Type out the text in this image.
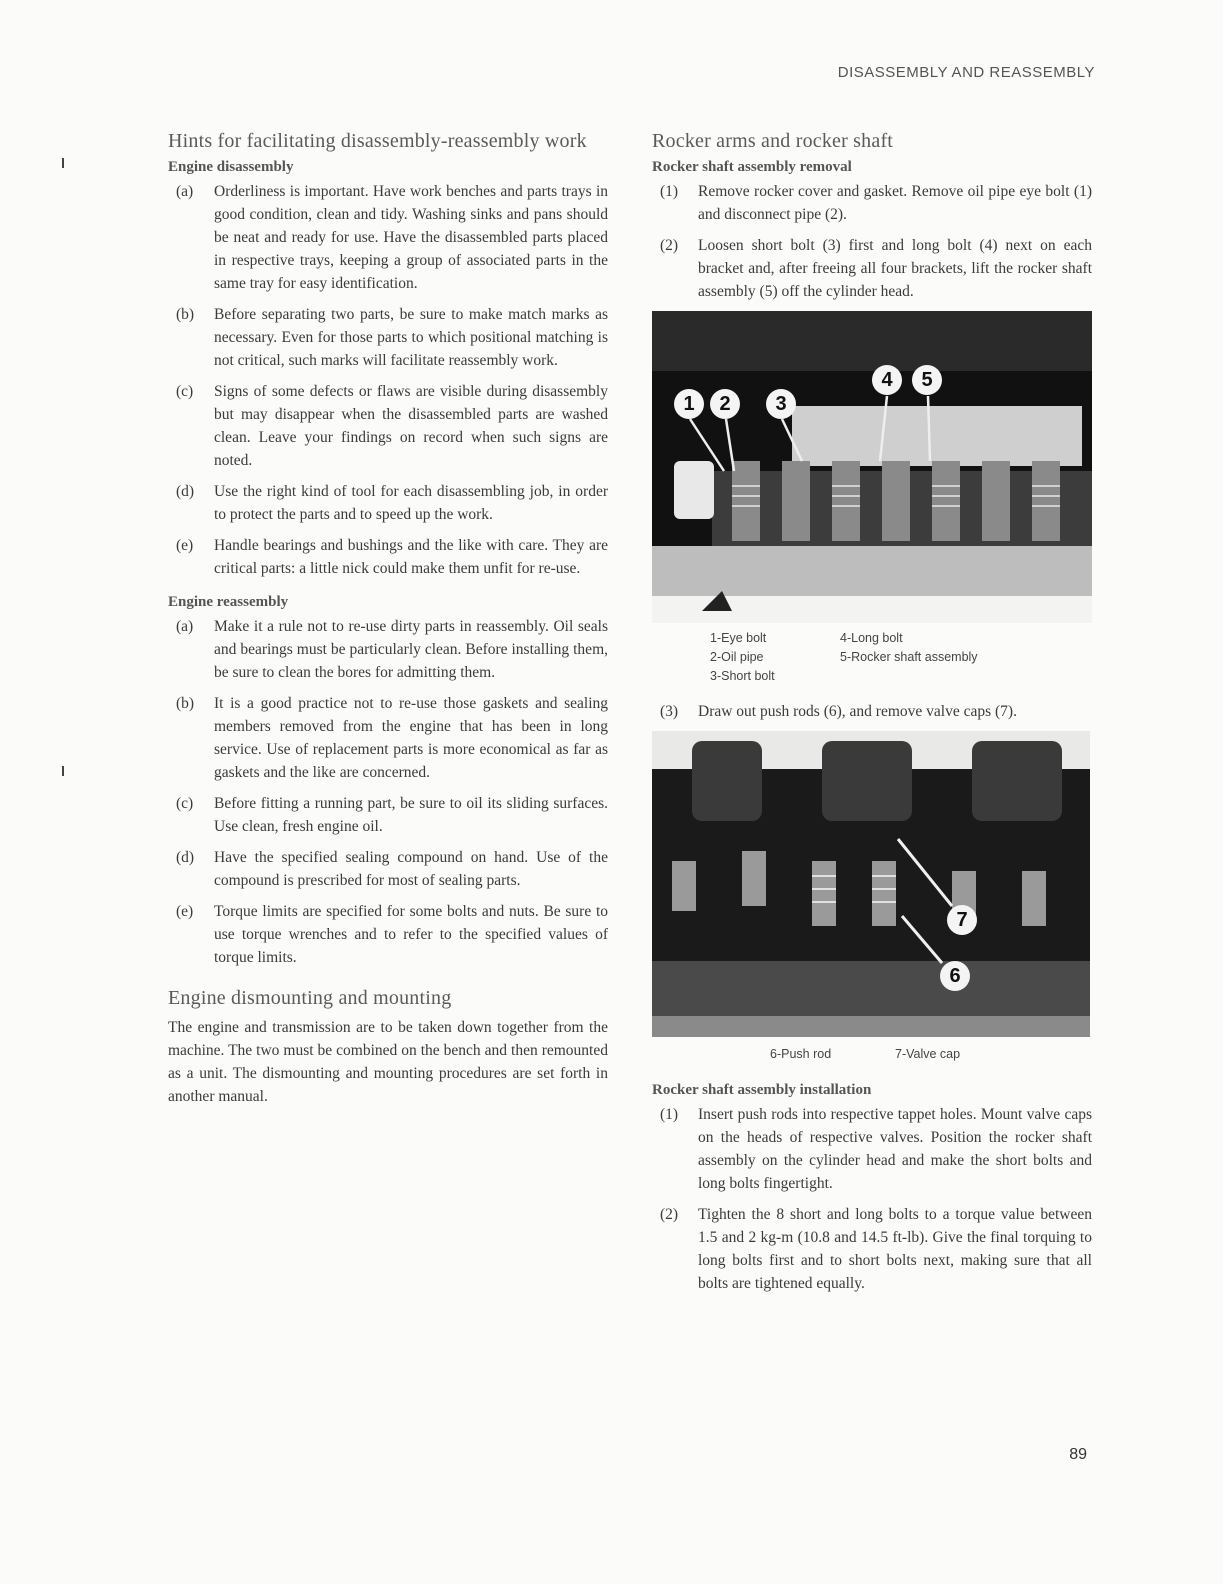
DISASSEMBLY AND REASSEMBLY
Hints for facilitating disassembly-reassembly work
Engine disassembly
(a)	Orderliness is important. Have work benches and parts trays in good condition, clean and tidy. Washing sinks and pans should be neat and ready for use. Have the disassembled parts placed in respective trays, keeping a group of associated parts in the same tray for easy identification.
(b)	Before separating two parts, be sure to make match marks as necessary. Even for those parts to which positional matching is not critical, such marks will facilitate reassembly work.
(c)	Signs of some defects or flaws are visible during disassembly but may disappear when the disassembled parts are washed clean. Leave your findings on record when such signs are noted.
(d)	Use the right kind of tool for each disassembling job, in order to protect the parts and to speed up the work.
(e)	Handle bearings and bushings and the like with care. They are critical parts: a little nick could make them unfit for re-use.
Engine reassembly
(a)	Make it a rule not to re-use dirty parts in reassembly. Oil seals and bearings must be particularly clean. Before installing them, be sure to clean the bores for admitting them.
(b)	It is a good practice not to re-use those gaskets and sealing members removed from the engine that has been in long service. Use of replacement parts is more economical as far as gaskets and the like are concerned.
(c)	Before fitting a running part, be sure to oil its sliding surfaces. Use clean, fresh engine oil.
(d)	Have the specified sealing compound on hand. Use of the compound is prescribed for most of sealing parts.
(e)	Torque limits are specified for some bolts and nuts. Be sure to use torque wrenches and to refer to the specified values of torque limits.
Engine dismounting and mounting

The engine and transmission are to be taken down together from the machine. The two must be combined on the bench and then remounted as a unit. The dismounting and mounting procedures are set forth in another manual.

Rocker arms and rocker shaft
Rocker shaft assembly removal
(1)	Remove rocker cover and gasket. Remove oil pipe eye bolt (1) and disconnect pipe (2).
(2)	Loosen short bolt (3) first and long bolt (4) next on each bracket and, after freeing all four brackets, lift the rocker shaft assembly (5) off the cylinder head.
1	2	3
4	5
1-Eye bolt
2-Oil pipe
3-Short bolt
4-Long bolt
5-Rocker shaft assembly
(3)	Draw out push rods (6), and remove valve caps (7).
7
6
6-Push rod	7-Valve cap
Rocker shaft assembly installation
(1)	Insert push rods into respective tappet holes. Mount valve caps on the heads of respective valves. Position the rocker shaft assembly on the cylinder head and make the short bolts and long bolts fingertight.
(2)	Tighten the 8 short and long bolts to a torque value between 1.5 and 2 kg-m (10.8 and 14.5 ft-lb). Give the final torquing to long bolts first and to short bolts next, making sure that all bolts are tightened equally.
89
